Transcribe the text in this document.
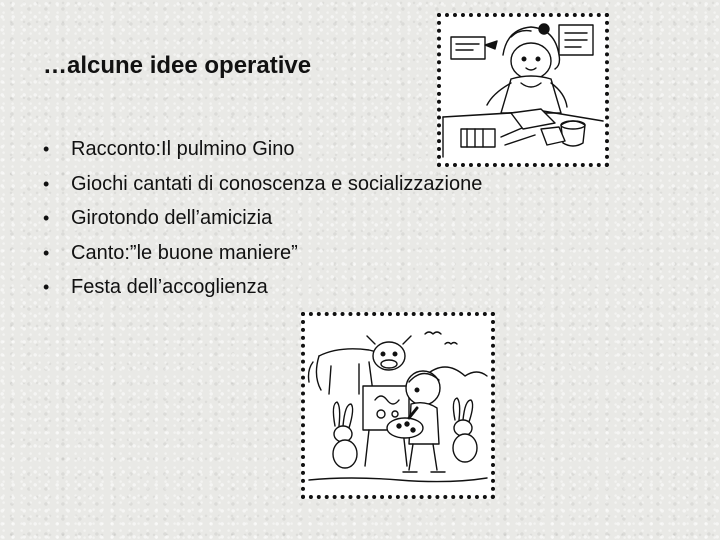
…alcune idee operative
•	Racconto:Il pulmino Gino
•	Giochi cantati di conoscenza e socializzazione
•	Girotondo dell’amicizia
•	Canto:”le buone maniere”
•	Festa dell’accoglienza
